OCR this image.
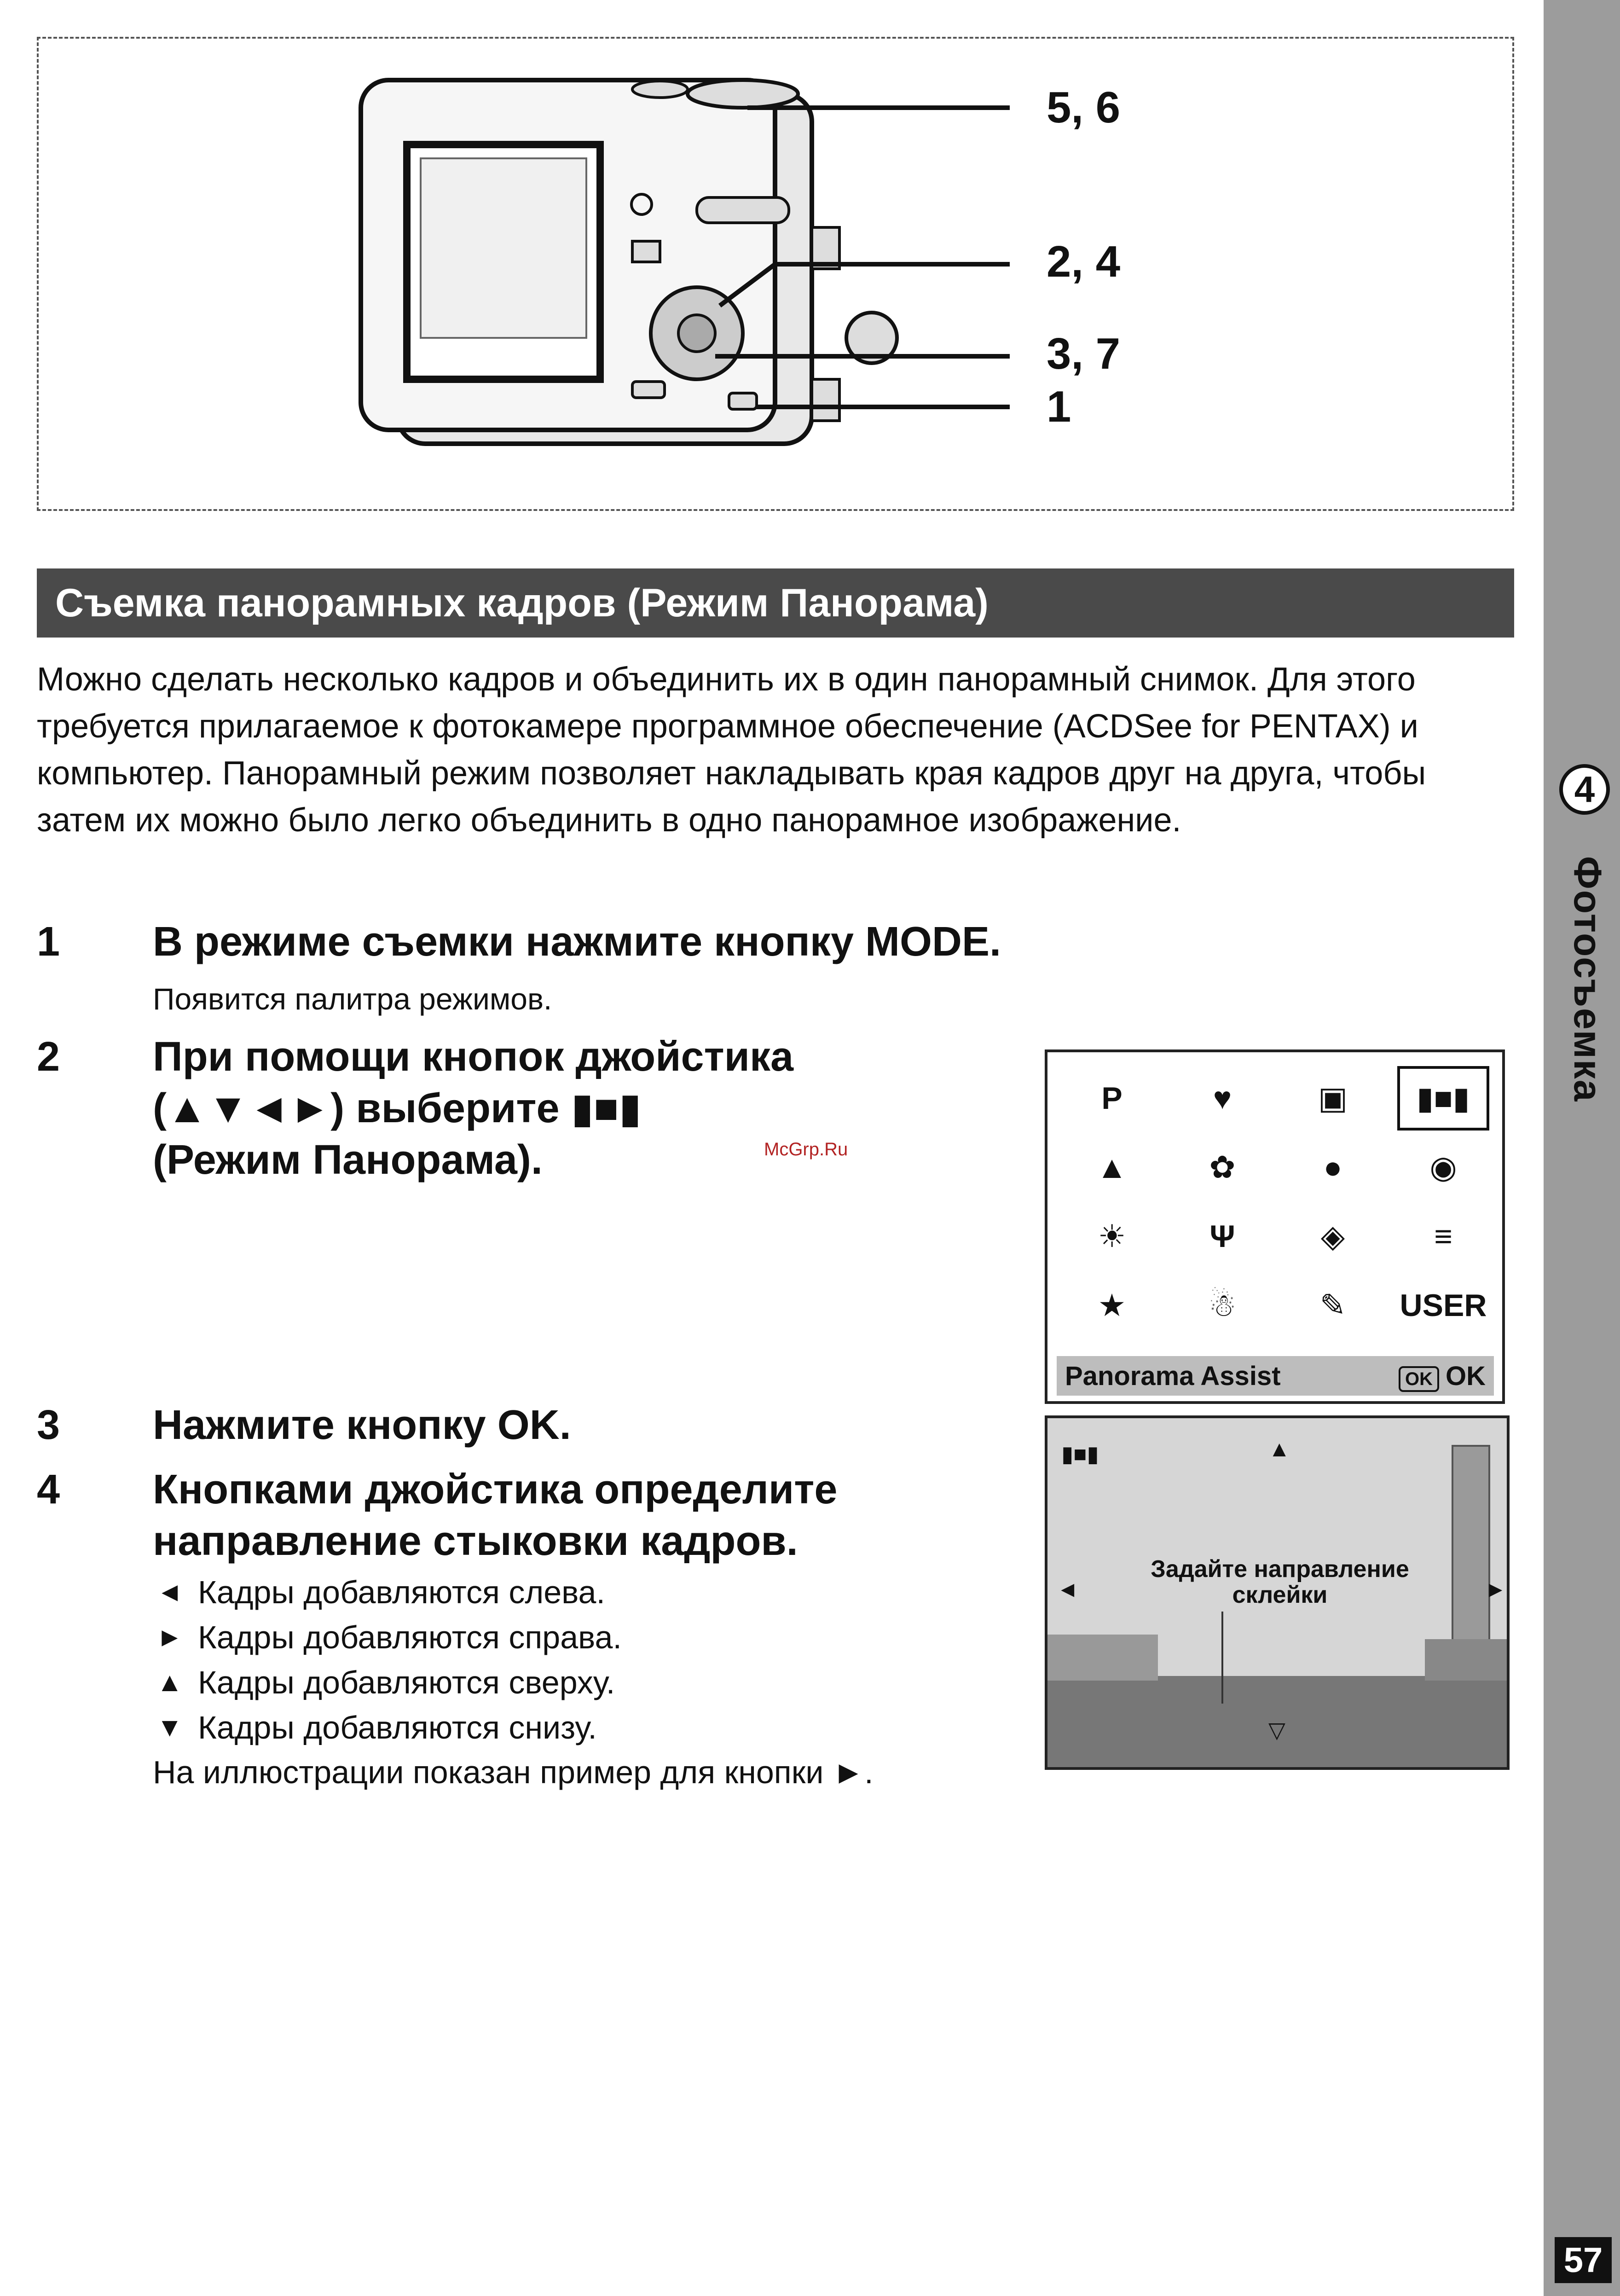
4
Фотосъемка
57
5, 6
2, 4
3, 7
1
Съемка панорамных кадров (Режим Панорама)
Можно сделать несколько кадров и объединить их в один панорамный снимок. Для этого требуется прилагаемое к фотокамере программное обеспечение (ACDSee for PENTAX) и компьютер. Панорамный режим позволяет накладывать края кадров друг на друга, чтобы затем их можно было легко объединить в одно панорамное изображение.
1 В режиме съемки нажмите кнопку MODE.
Появится палитра режимов.
2 При помощи кнопок джойстика
(▲▼◄►) выберите ▮■▮
(Режим Панорама).
3 Нажмите кнопку OK.
4 Кнопками джойстика определите
направление стыковки кадров.
◄ Кадры добавляются слева.
► Кадры добавляются справа.
▲ Кадры добавляются сверху.
▼ Кадры добавляются снизу.
На иллюстрации показан пример для кнопки ►.
P	♥	▣	▮■▮
▲	✿	●	◉
☀	Ψ	◈	≡
★	☃	✎	USER
Panorama Assist	OK OK
▮■▮	▲
◄	►
▽
Задайте направление
склейки
McGrp.Ru
